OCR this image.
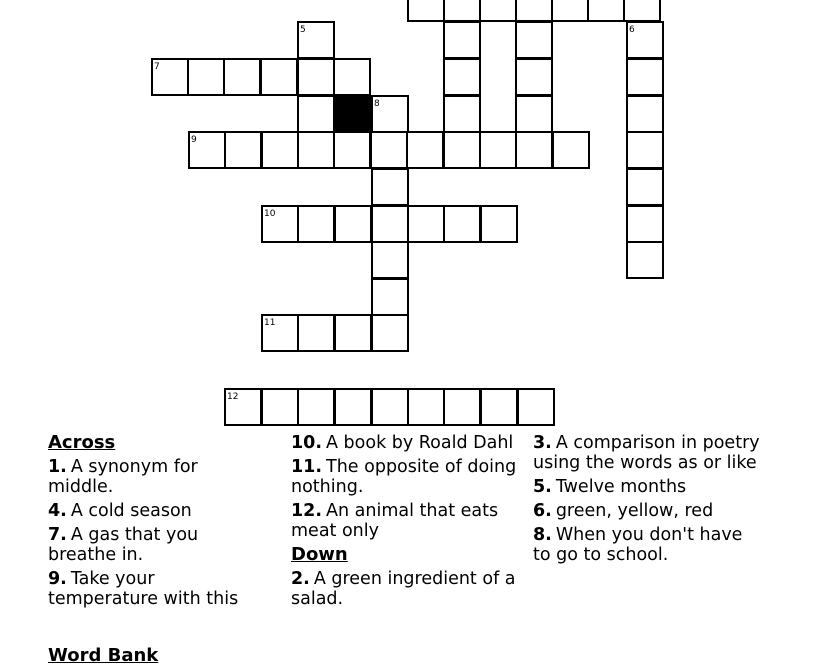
5	6
7
8
9
10
11
12
Across
1. A synonym for middle.
4. A cold season
7. A gas that you breathe in.
9. Take your temperature with this
10. A book by Roald Dahl
11. The opposite of doing nothing.
12. An animal that eats meat only
Down
2. A green ingredient of a salad.
3. A comparison in poetry using the words as or like
5. Twelve months
6. green, yellow, red
8. When you don't have to go to school.
Word Bank
